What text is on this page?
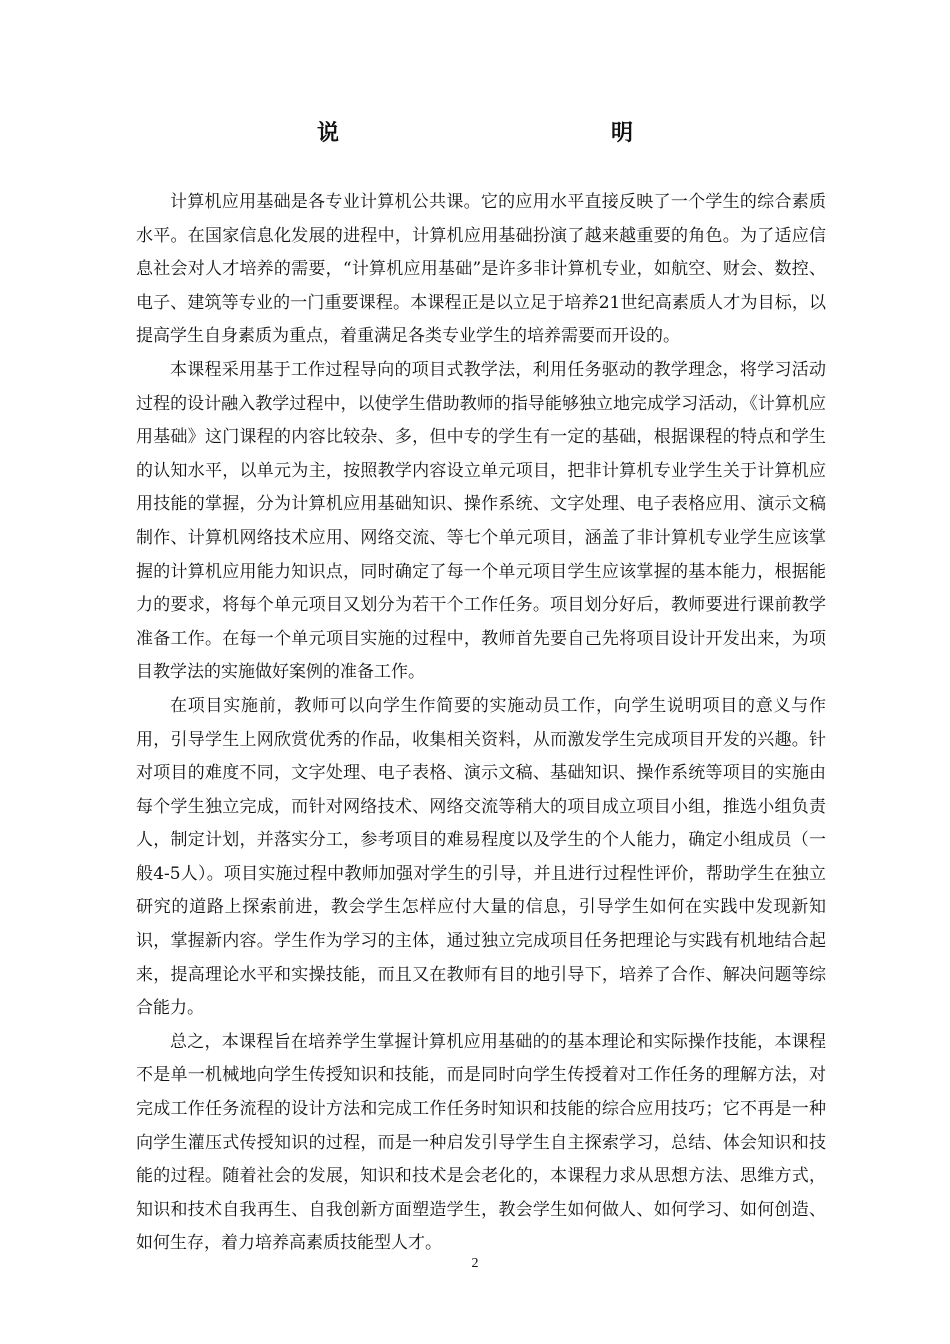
说　　明

计算机应用基础是各专业计算机公共课。它的应用水平直接反映了一个学生的综合素质水平。在国家信息化发展的进程中，计算机应用基础扮演了越来越重要的角色。为了适应信息社会对人才培养的需要，“计算机应用基础”是许多非计算机专业，如航空、财会、数控、电子、建筑等专业的一门重要课程。本课程正是以立足于培养21世纪高素质人才为目标，以提高学生自身素质为重点，着重满足各类专业学生的培养需要而开设的。

本课程采用基于工作过程导向的项目式教学法，利用任务驱动的教学理念，将学习活动过程的设计融入教学过程中，以使学生借助教师的指导能够独立地完成学习活动，《计算机应用基础》这门课程的内容比较杂、多，但中专的学生有一定的基础，根据课程的特点和学生的认知水平，以单元为主，按照教学内容设立单元项目，把非计算机专业学生关于计算机应用技能的掌握，分为计算机应用基础知识、操作系统、文字处理、电子表格应用、演示文稿制作、计算机网络技术应用、网络交流、等七个单元项目，涵盖了非计算机专业学生应该掌握的计算机应用能力知识点，同时确定了每一个单元项目学生应该掌握的基本能力，根据能力的要求，将每个单元项目又划分为若干个工作任务。项目划分好后，教师要进行课前教学准备工作。在每一个单元项目实施的过程中，教师首先要自己先将项目设计开发出来，为项目教学法的实施做好案例的准备工作。

在项目实施前，教师可以向学生作简要的实施动员工作，向学生说明项目的意义与作用，引导学生上网欣赏优秀的作品，收集相关资料，从而激发学生完成项目开发的兴趣。针对项目的难度不同，文字处理、电子表格、演示文稿、基础知识、操作系统等项目的实施由每个学生独立完成，而针对网络技术、网络交流等稍大的项目成立项目小组，推选小组负责人，制定计划，并落实分工，参考项目的难易程度以及学生的个人能力，确定小组成员（一般4-5人）。项目实施过程中教师加强对学生的引导，并且进行过程性评价，帮助学生在独立研究的道路上探索前进，教会学生怎样应付大量的信息，引导学生如何在实践中发现新知识，掌握新内容。学生作为学习的主体，通过独立完成项目任务把理论与实践有机地结合起来，提高理论水平和实操技能，而且又在教师有目的地引导下，培养了合作、解决问题等综合能力。

总之，本课程旨在培养学生掌握计算机应用基础的的基本理论和实际操作技能，本课程不是单一机械地向学生传授知识和技能，而是同时向学生传授着对工作任务的理解方法，对完成工作任务流程的设计方法和完成工作任务时知识和技能的综合应用技巧；它不再是一种向学生灌压式传授知识的过程，而是一种启发引导学生自主探索学习，总结、体会知识和技能的过程。随着社会的发展，知识和技术是会老化的，本课程力求从思想方法、思维方式，知识和技术自我再生、自我创新方面塑造学生，教会学生如何做人、如何学习、如何创造、如何生存，着力培养高素质技能型人才。

2
